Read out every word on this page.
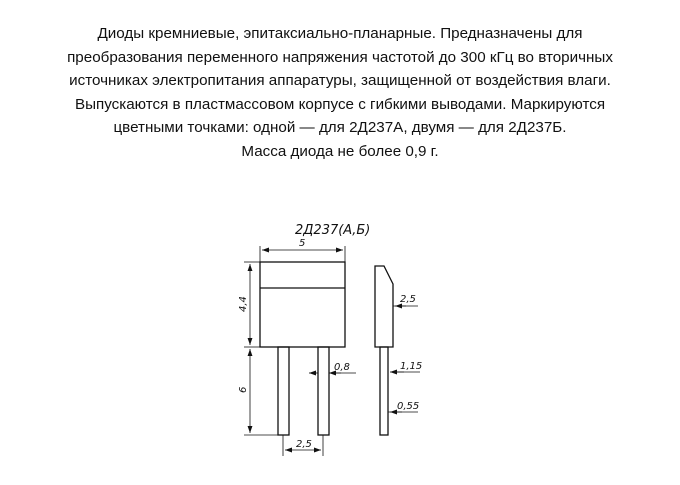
Диоды кремниевые, эпитаксиально-планарные. Предназначены для
преобразования переменного напряжения частотой до 300 кГц во вторичных
источниках электропитания аппаратуры, защищенной от воздействия влаги.
Выпускаются в пластмассовом корпусе с гибкими выводами. Маркируются
цветными точками: одной — для 2Д237А, двумя — для 2Д237Б.
Масса диода не более 0,9 г.
2Д237(А,Б)
5
4,4
6
2,5
0,8
2,5
1,15
0,55
